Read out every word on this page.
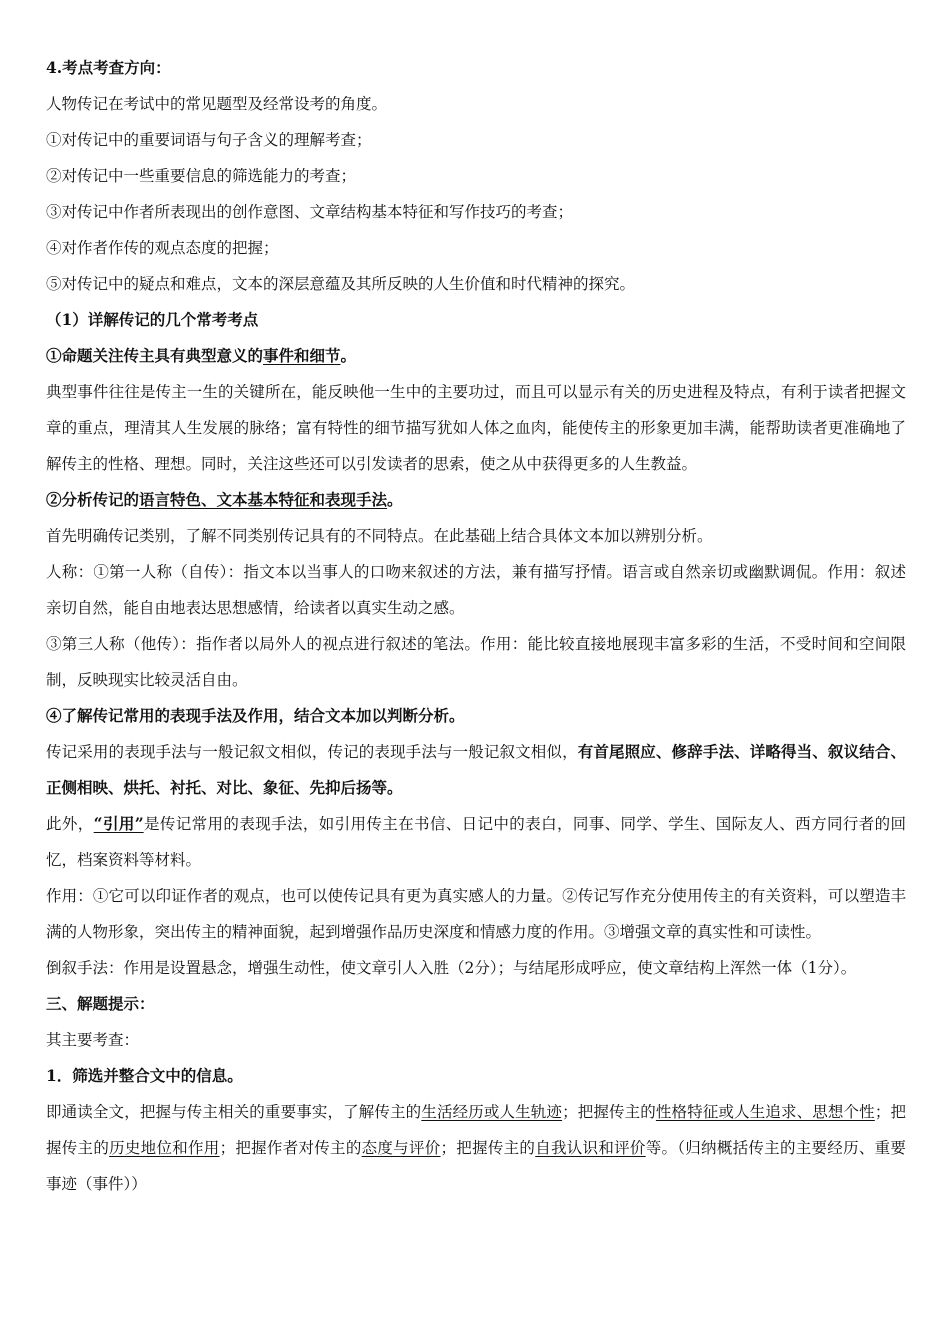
4.考点考查方向：

人物传记在考试中的常见题型及经常设考的角度。

①对传记中的重要词语与句子含义的理解考查；

②对传记中一些重要信息的筛选能力的考查；

③对传记中作者所表现出的创作意图、文章结构基本特征和写作技巧的考查；

④对作者作传的观点态度的把握；

⑤对传记中的疑点和难点，文本的深层意蕴及其所反映的人生价值和时代精神的探究。

（1）详解传记的几个常考考点

①命题关注传主具有典型意义的事件和细节。

典型事件往往是传主一生的关键所在，能反映他一生中的主要功过，而且可以显示有关的历史进程及特点，有利于读者把握文章的重点，理清其人生发展的脉络；富有特性的细节描写犹如人体之血肉，能使传主的形象更加丰满，能帮助读者更准确地了解传主的性格、理想。同时，关注这些还可以引发读者的思索，使之从中获得更多的人生教益。

②分析传记的语言特色、文本基本特征和表现手法。

首先明确传记类别，了解不同类别传记具有的不同特点。在此基础上结合具体文本加以辨别分析。

人称：①第一人称（自传）：指文本以当事人的口吻来叙述的方法，兼有描写抒情。语言或自然亲切或幽默调侃。作用：叙述亲切自然，能自由地表达思想感情，给读者以真实生动之感。

③第三人称（他传）：指作者以局外人的视点进行叙述的笔法。作用：能比较直接地展现丰富多彩的生活，不受时间和空间限制，反映现实比较灵活自由。

④了解传记常用的表现手法及作用，结合文本加以判断分析。

传记采用的表现手法与一般记叙文相似，传记的表现手法与一般记叙文相似，有首尾照应、修辞手法、详略得当、叙议结合、正侧相映、烘托、衬托、对比、象征、先抑后扬等。

此外，“引用”是传记常用的表现手法，如引用传主在书信、日记中的表白，同事、同学、学生、国际友人、西方同行者的回忆，档案资料等材料。

作用：①它可以印证作者的观点，也可以使传记具有更为真实感人的力量。②传记写作充分使用传主的有关资料，可以塑造丰满的人物形象，突出传主的精神面貌，起到增强作品历史深度和情感力度的作用。③增强文章的真实性和可读性。

倒叙手法：作用是设置悬念，增强生动性，使文章引人入胜（2分）；与结尾形成呼应，使文章结构上浑然一体（1分）。

三、解题提示：

其主要考查：

1．筛选并整合文中的信息。

即通读全文，把握与传主相关的重要事实，了解传主的生活经历或人生轨迹；把握传主的性格特征或人生追求、思想个性；把握传主的历史地位和作用；把握作者对传主的态度与评价；把握传主的自我认识和评价等。（归纳概括传主的主要经历、重要事迹（事件））
